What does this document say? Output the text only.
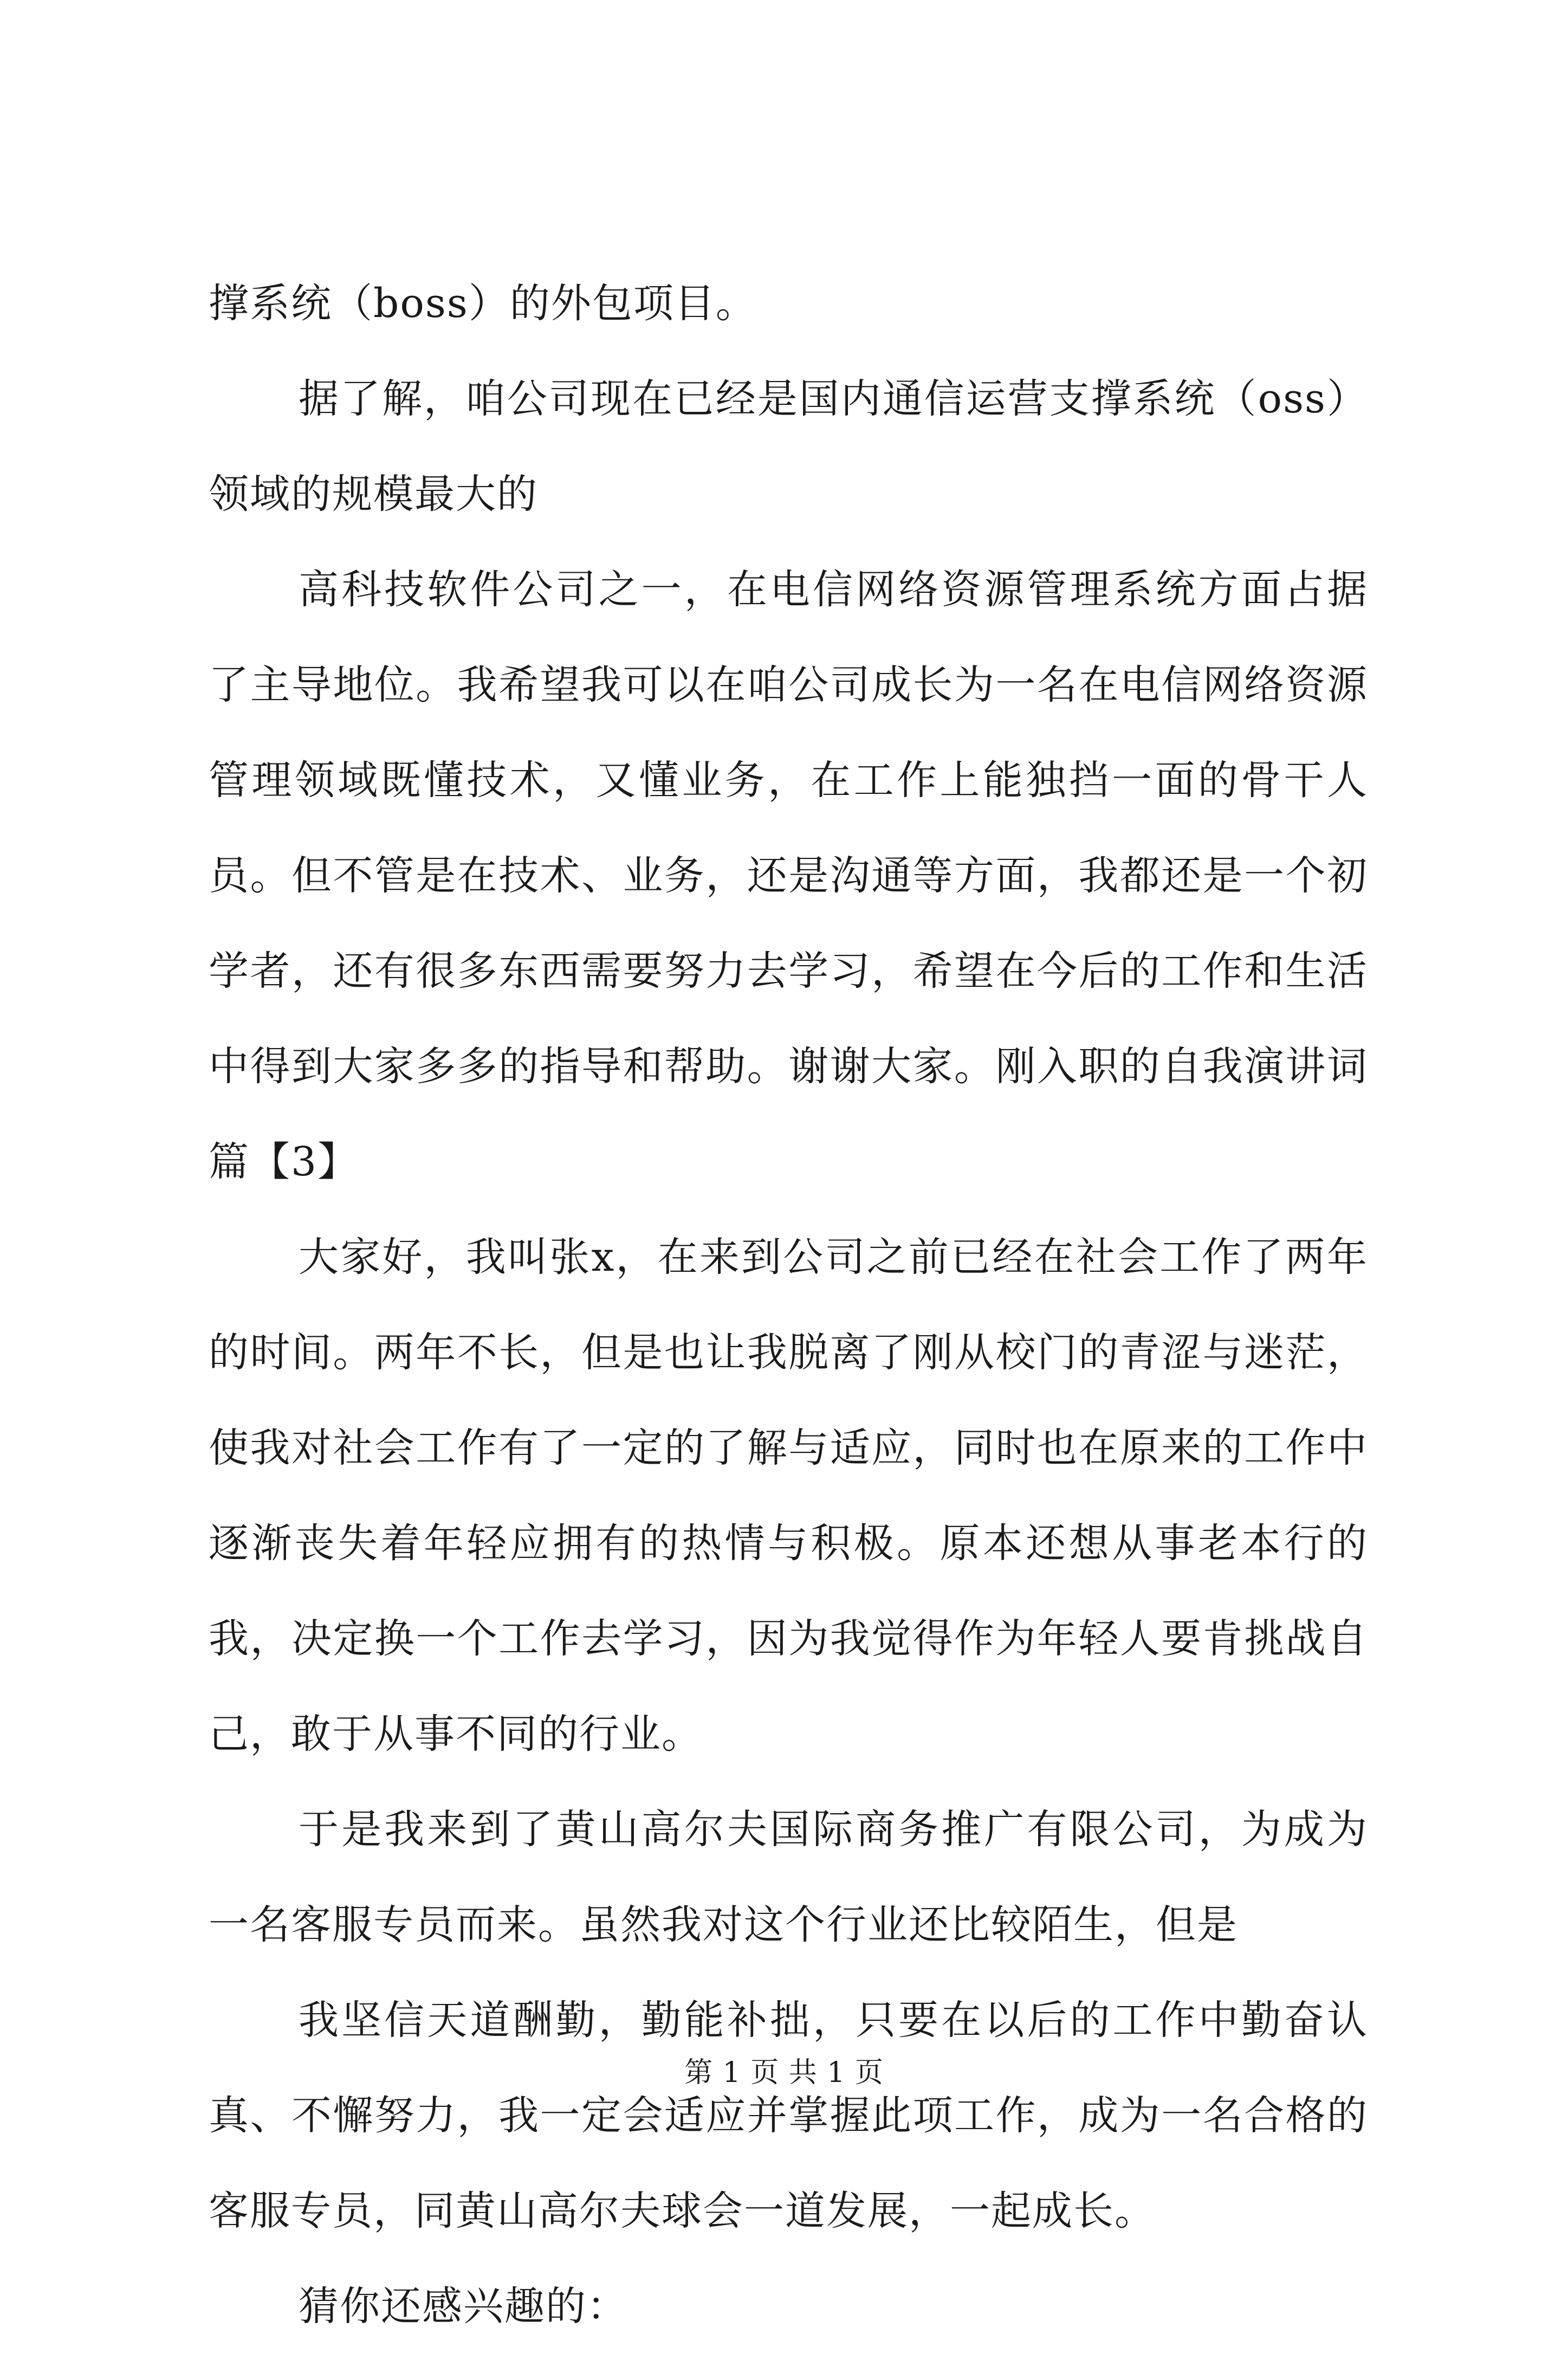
撑系统（boss）的外包项目。

据了解，咱公司现在已经是国内通信运营支撑系统（oss）领域的规模最大的

高科技软件公司之一，在电信网络资源管理系统方面占据了主导地位。我希望我可以在咱公司成长为一名在电信网络资源管理领域既懂技术，又懂业务，在工作上能独挡一面的骨干人员。但不管是在技术、业务，还是沟通等方面，我都还是一个初学者，还有很多东西需要努力去学习，希望在今后的工作和生活中得到大家多多的指导和帮助。谢谢大家。刚入职的自我演讲词篇【3】

大家好，我叫张x，在来到公司之前已经在社会工作了两年的时间。两年不长，但是也让我脱离了刚从校门的青涩与迷茫，使我对社会工作有了一定的了解与适应，同时也在原来的工作中逐渐丧失着年轻应拥有的热情与积极。原本还想从事老本行的我，决定换一个工作去学习，因为我觉得作为年轻人要肯挑战自己，敢于从事不同的行业。

于是我来到了黄山高尔夫国际商务推广有限公司，为成为一名客服专员而来。虽然我对这个行业还比较陌生，但是

我坚信天道酬勤，勤能补拙，只要在以后的工作中勤奋认真、不懈努力，我一定会适应并掌握此项工作，成为一名合格的客服专员，同黄山高尔夫球会一道发展，一起成长。

猜你还感兴趣的：

第 1 页 共 1 页
